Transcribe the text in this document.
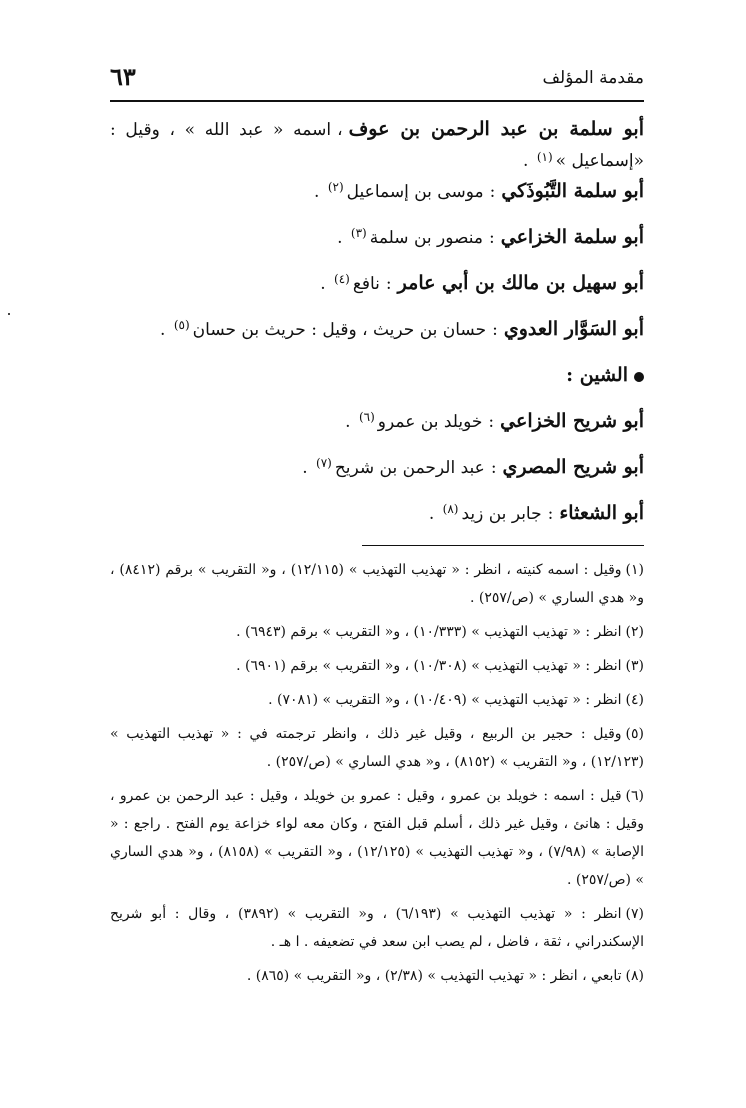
مقدمة المؤلف
٦٣
أبو سلمة بن عبد الرحمن بن عوف،اسمه « عبد الله » ، وقيل : «إسماعيل »$^{(١)}$ .
أبو سلمة التَّبُوذَكي:موسى بن إسماعيل$^{(٢)}$ .
أبو سلمة الخزاعي:منصور بن سلمة$^{(٣)}$ .
أبو سهيل بن مالك بن أبي عامر:نافع$^{(٤)}$ .
أبو السَوَّار العدوي:حسان بن حريث ، وقيل : حريث بن حسان$^{(٥)}$ .
الشين :
أبو شريح الخزاعي:خويلد بن عمرو$^{(٦)}$ .
أبو شريح المصري:عبد الرحمن بن شريح$^{(٧)}$ .
أبو الشعثاء:جابر بن زيد$^{(٨)}$ .
(١)وقيل : اسمه كنيته ، انظر : « تهذيب التهذيب » (١٢/١١٥) ، و« التقريب » برقم (٨٤١٢) ، و« هدي الساري » (ص/٢٥٧) .
(٢)انظر : « تهذيب التهذيب » (١٠/٣٣٣) ، و« التقريب » برقم (٦٩٤٣) .
(٣)انظر : « تهذيب التهذيب » (١٠/٣٠٨) ، و« التقريب » برقم (٦٩٠١) .
(٤)انظر : « تهذيب التهذيب » (١٠/٤٠٩) ، و« التقريب » (٧٠٨١) .
(٥)وقيل : حجير بن الربيع ، وقيل غير ذلك ، وانظر ترجمته في : « تهذيب التهذيب » (١٢/١٢٣) ، و« التقريب » (٨١٥٢) ، و« هدي الساري » (ص/٢٥٧) .
(٦)قيل : اسمه : خويلد بن عمرو ، وقيل : عمرو بن خويلد ، وقيل : عبد الرحمن بن عمرو ، وقيل : هانئ ، وقيل غير ذلك ، أسلم قبل الفتح ، وكان معه لواء خزاعة يوم الفتح . راجع : « الإصابة » (٧/٩٨) ، و« تهذيب التهذيب » (١٢/١٢٥) ، و« التقريب » (٨١٥٨) ، و« هدي الساري » (ص/٢٥٧) .
(٧)انظر : « تهذيب التهذيب » (٦/١٩٣) ، و« التقريب » (٣٨٩٢) ، وقال : أبو شريح الإسكندراني ، ثقة ، فاضل ، لم يصب ابن سعد في تضعيفه . ا هـ .
(٨)تابعي ، انظر : « تهذيب التهذيب » (٢/٣٨) ، و« التقريب » (٨٦٥) .
